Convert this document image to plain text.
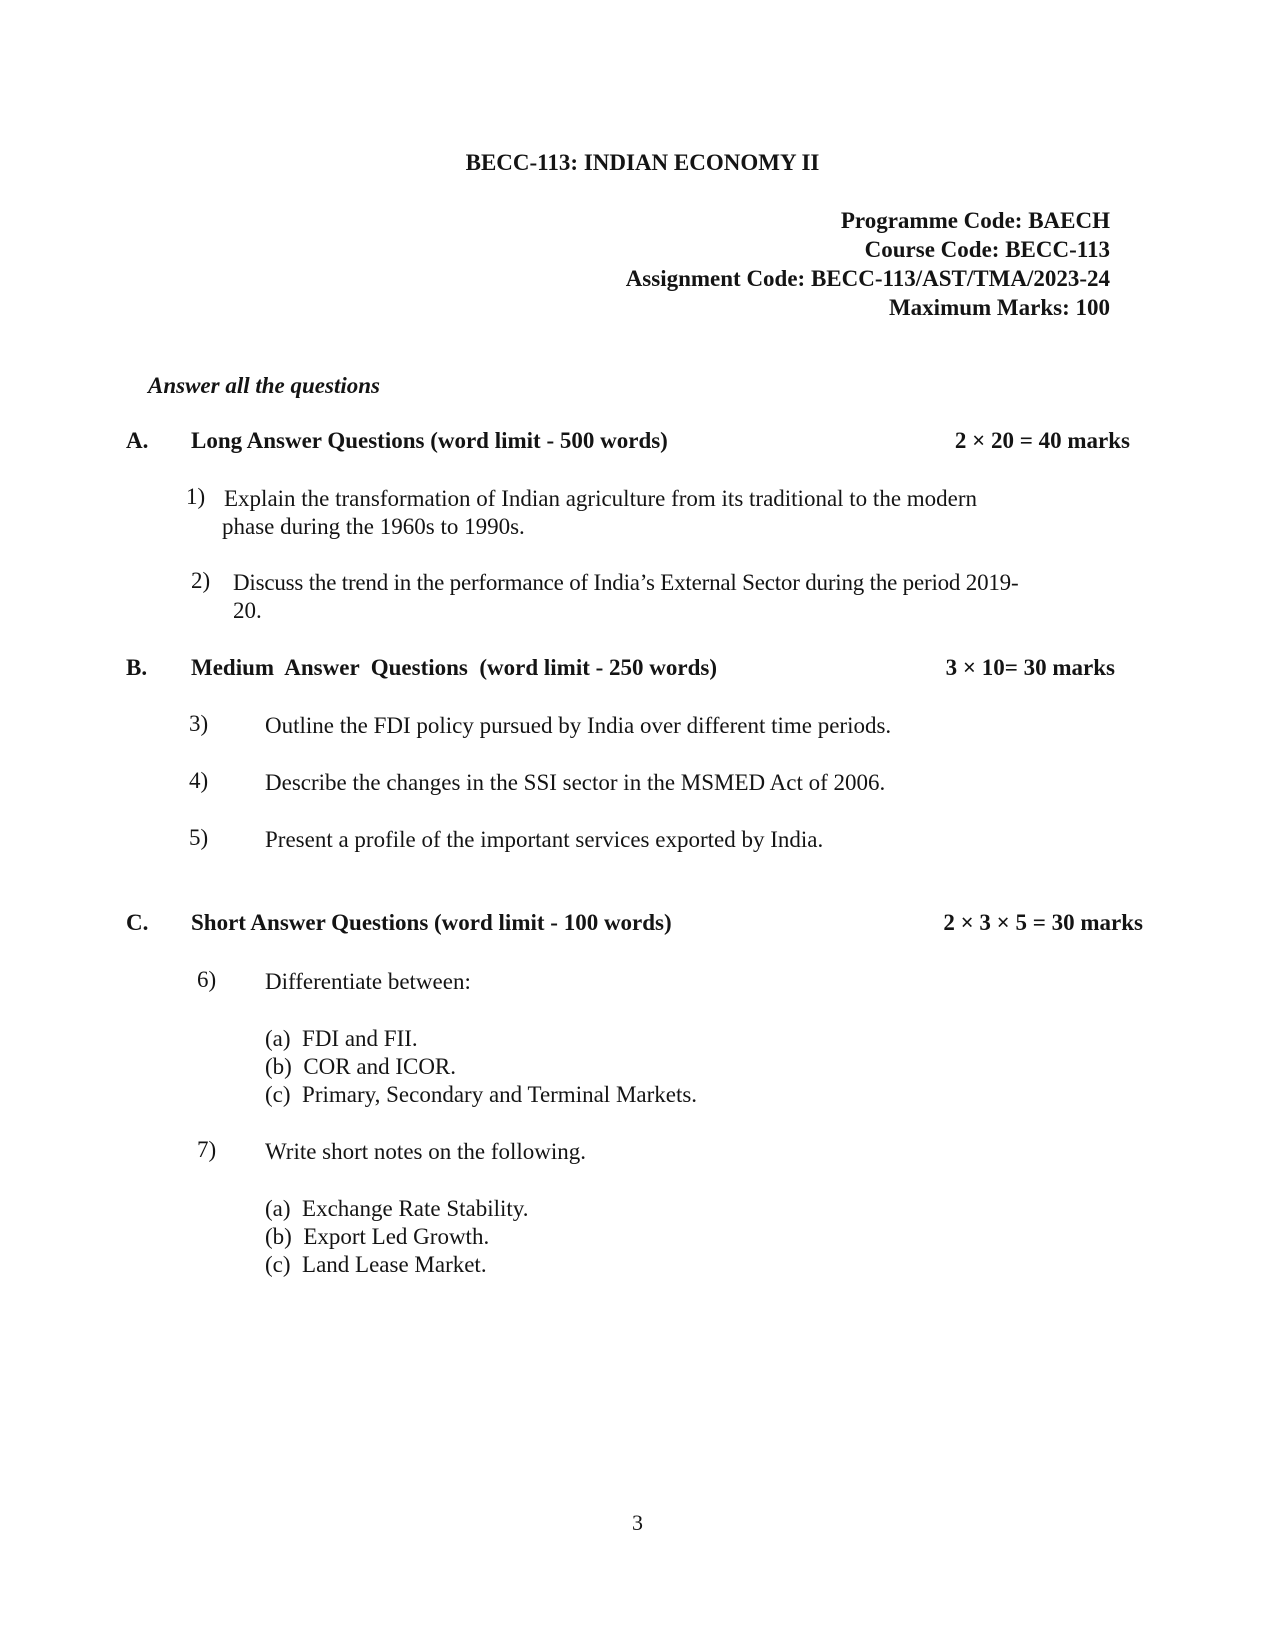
BECC-113: INDIAN ECONOMY II
Programme Code: BAECH
Course Code: BECC-113
Assignment Code: BECC-113/AST/TMA/2023-24
Maximum Marks: 100
Answer all the questions
A. Long Answer Questions (word limit - 500 words)	2 × 20 = 40 marks
1) Explain the transformation of Indian agriculture from its traditional to the modern
phase during the 1960s to 1990s.
2) Discuss the trend in the performance of India’s External Sector during the period 2019-
20.
B. Medium  Answer  Questions  (word limit - 250 words)	3 × 10= 30 marks
3) Outline the FDI policy pursued by India over different time periods.
4) Describe the changes in the SSI sector in the MSMED Act of 2006.
5) Present a profile of the important services exported by India.
C. Short Answer Questions (word limit - 100 words)	2 × 3 × 5 = 30 marks
6) Differentiate between:
(a)  FDI and FII.
(b)  COR and ICOR.
(c)  Primary, Secondary and Terminal Markets.
7) Write short notes on the following.
(a)  Exchange Rate Stability.
(b)  Export Led Growth.
(c)  Land Lease Market.
3
